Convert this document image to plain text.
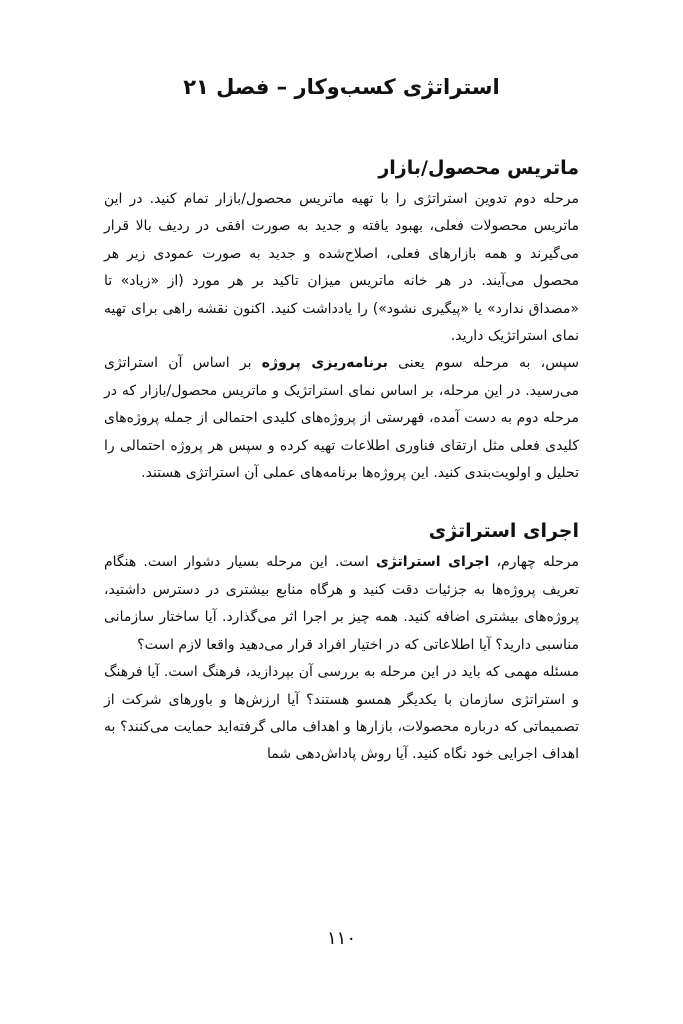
استراتژی کسب‌وکار – فصل ۲۱
ماتریس محصول/بازار

مرحله دوم تدوین استراتژی را با تهیه ماتریس محصول/بازار تمام کنید. در این ماتریس محصولات فعلی، بهبود یافته و جدید به صورت افقی در ردیف بالا قرار می‌گیرند و همه بازارهای فعلی، اصلاح‌شده و جدید به صورت عمودی زیر هر محصول می‌آیند. در هر خانه ماتریس میزان تاکید بر هر مورد (از «زیاد» تا «مصداق ندارد» یا «پیگیری نشود») را یادداشت کنید. اکنون نقشه راهی برای تهیه نمای استراتژیک دارید.

سپس، به مرحله سوم یعنی برنامه‌ریزی پروژه بر اساس آن استراتژی می‌رسید. در این مرحله، بر اساس نمای استراتژیک و ماتریس محصول/بازار که در مرحله دوم به دست آمده، فهرستی از پروژه‌های کلیدی احتمالی از جمله پروژه‌های کلیدی فعلی مثل ارتقای فناوری اطلاعات تهیه کرده و سپس هر پروژه احتمالی را تحلیل و اولویت‌بندی کنید. این پروژه‌ها برنامه‌های عملی آن استراتژی هستند.

اجرای استراتژی

مرحله چهارم، اجرای استراتژی است. این مرحله بسیار دشوار است. هنگام تعریف پروژه‌ها به جزئیات دقت کنید و هرگاه منابع بیشتری در دسترس داشتید، پروژه‌های بیشتری اضافه کنید. همه چیز بر اجرا اثر می‌گذارد. آیا ساختار سازمانی مناسبی دارید؟ آیا اطلاعاتی که در اختیار افراد قرار می‌دهید واقعا لازم است؟

مسئله مهمی که باید در این مرحله به بررسی آن بپردازید، فرهنگ است. آیا فرهنگ و استراتژی سازمان با یکدیگر همسو هستند؟ آیا ارزش‌ها و باورهای شرکت از تصمیماتی که درباره محصولات، بازارها و اهداف مالی گرفته‌اید حمایت می‌کنند؟ به اهداف اجرایی خود نگاه کنید. آیا روش پاداش‌دهی شما

۱۱۰
